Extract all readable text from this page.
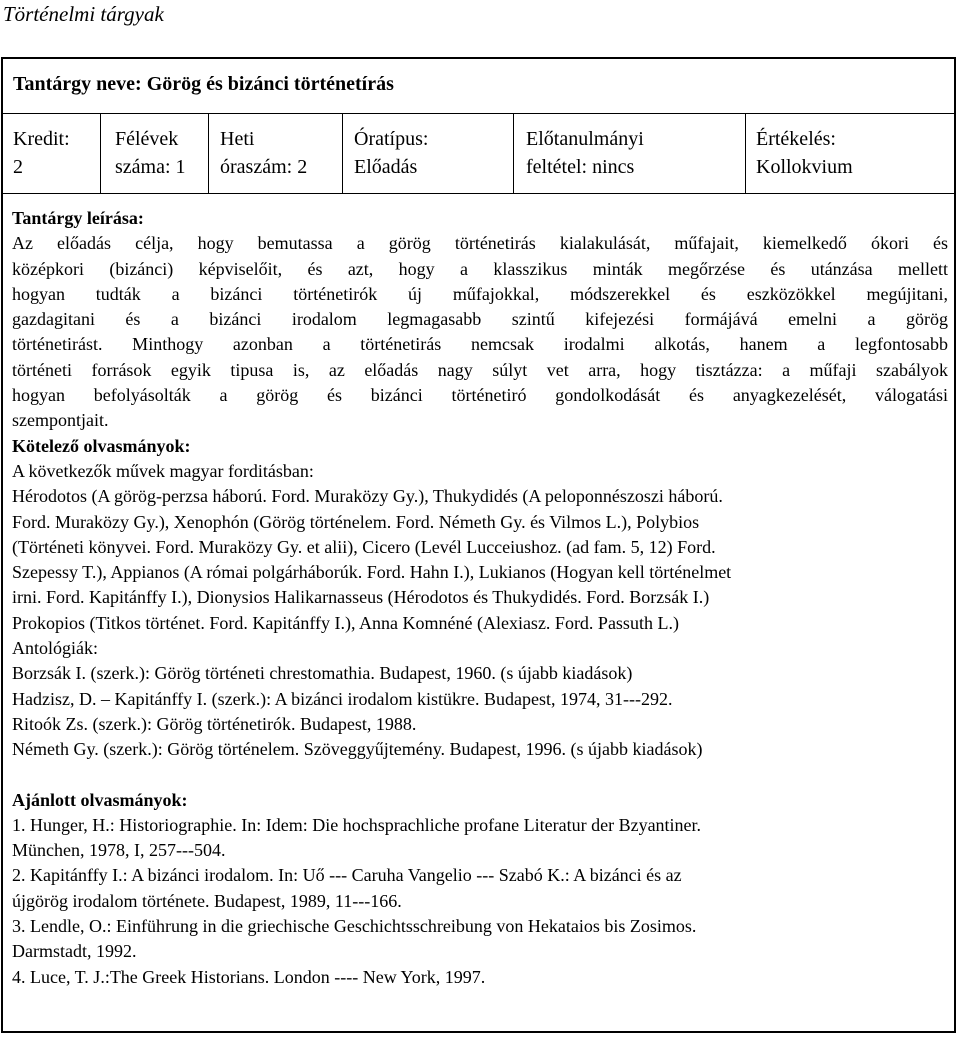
Történelmi tárgyak
Tantárgy neve: Görög és bizánci történetírás
Kredit:
2
Félévek
száma: 1
Heti
óraszám: 2
Óratípus:
Előadás
Előtanulmányi
feltétel: nincs
Értékelés:
Kollokvium
Tantárgy leírása:
Az előadás célja, hogy bemutassa a görög történetirás kialakulását, műfajait, kiemelkedő ókori és
középkori (bizánci) képviselőit, és azt, hogy a klasszikus minták megőrzése és utánzása mellett
hogyan tudták a bizánci történetirók új műfajokkal, módszerekkel és eszközökkel megújitani,
gazdagitani és a bizánci irodalom legmagasabb szintű kifejezési formájává emelni a görög
történetirást. Minthogy azonban a történetirás nemcsak irodalmi alkotás, hanem a legfontosabb
történeti források egyik tipusa is, az előadás nagy súlyt vet arra, hogy tisztázza: a műfaji szabályok
hogyan befolyásolták a görög és bizánci történetiró gondolkodását és anyagkezelését, válogatási
szempontjait.
Kötelező olvasmányok:
A következők művek magyar forditásban:
Hérodotos (A görög-perzsa háború. Ford. Muraközy Gy.), Thukydidés (A peloponnészoszi háború.
Ford. Muraközy Gy.), Xenophón (Görög történelem. Ford. Németh Gy. és Vilmos L.), Polybios
(Történeti könyvei. Ford. Muraközy Gy. et alii), Cicero (Levél Lucceiushoz. (ad fam. 5, 12) Ford.
Szepessy T.), Appianos (A római polgárháborúk. Ford. Hahn I.), Lukianos (Hogyan kell történelmet
irni. Ford. Kapitánffy I.), Dionysios Halikarnasseus (Hérodotos és Thukydidés. Ford. Borzsák I.)
Prokopios (Titkos történet. Ford. Kapitánffy I.), Anna Komnéné (Alexiasz. Ford. Passuth L.)
Antológiák:
Borzsák I. (szerk.): Görög történeti chrestomathia. Budapest, 1960. (s újabb kiadások)
Hadzisz, D. – Kapitánffy I. (szerk.): A bizánci irodalom kistükre. Budapest, 1974, 31---292.
Ritoók Zs. (szerk.): Görög történetirók. Budapest, 1988.
Németh Gy. (szerk.): Görög történelem. Szöveggyűjtemény. Budapest, 1996. (s újabb kiadások)
Ajánlott olvasmányok:
1. Hunger, H.: Historiographie. In: Idem: Die hochsprachliche profane Literatur der Bzyantiner.
München, 1978, I, 257---504.
2. Kapitánffy I.: A bizánci irodalom. In: Uő --- Caruha Vangelio --- Szabó K.: A bizánci és az
újgörög irodalom története. Budapest, 1989, 11---166.
3. Lendle, O.: Einführung in die griechische Geschichtsschreibung von Hekataios bis Zosimos.
Darmstadt, 1992.
4. Luce, T. J.:The Greek Historians. London ---- New York, 1997.
